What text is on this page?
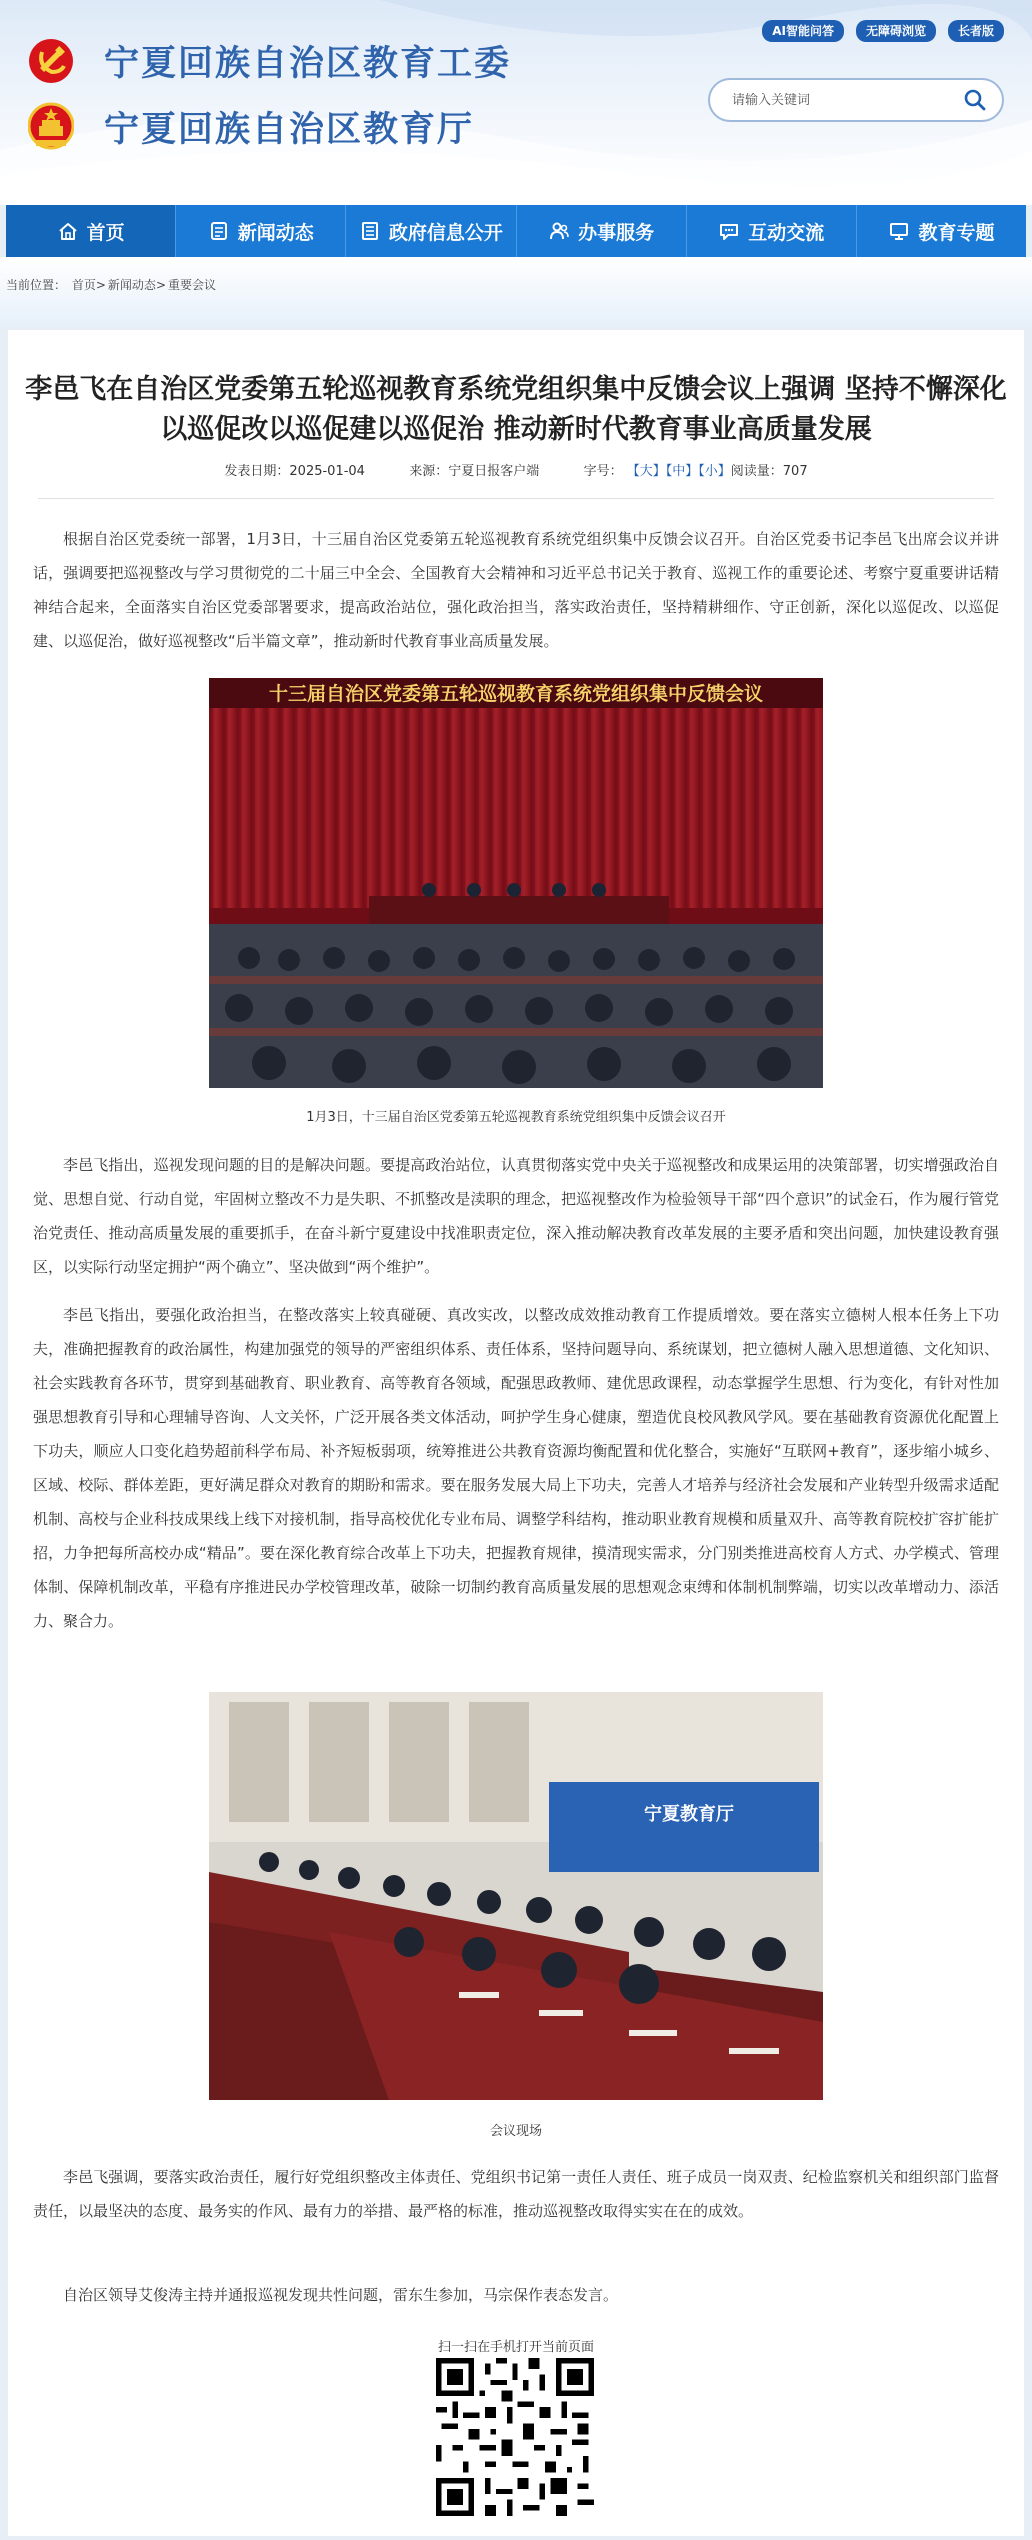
宁夏回族自治区教育工委
宁夏回族自治区教育厅
AI智能问答	无障碍浏览	长者版
请输入关键词
首页	新闻动态	政府信息公开	办事服务	互动交流	教育专题
当前位置： 首页> 新闻动态> 重要会议
李邑飞在自治区党委第五轮巡视教育系统党组织集中反馈会议上强调 坚持不懈深化以巡促改以巡促建以巡促治 推动新时代教育事业高质量发展
发表日期：2025-01-04	来源：宁夏日报客户端	字号： 【大】【中】【小】阅读量：707

根据自治区党委统一部署，1月3日，十三届自治区党委第五轮巡视教育系统党组织集中反馈会议召开。自治区党委书记李邑飞出席会议并讲话，强调要把巡视整改与学习贯彻党的二十届三中全会、全国教育大会精神和习近平总书记关于教育、巡视工作的重要论述、考察宁夏重要讲话精神结合起来，全面落实自治区党委部署要求，提高政治站位，强化政治担当，落实政治责任，坚持精耕细作、守正创新，深化以巡促改、以巡促建、以巡促治，做好巡视整改“后半篇文章”，推动新时代教育事业高质量发展。

十三届自治区党委第五轮巡视教育系统党组织集中反馈会议
1月3日，十三届自治区党委第五轮巡视教育系统党组织集中反馈会议召开

李邑飞指出，巡视发现问题的目的是解决问题。要提高政治站位，认真贯彻落实党中央关于巡视整改和成果运用的决策部署，切实增强政治自觉、思想自觉、行动自觉，牢固树立整改不力是失职、不抓整改是渎职的理念，把巡视整改作为检验领导干部“四个意识”的试金石，作为履行管党治党责任、推动高质量发展的重要抓手，在奋斗新宁夏建设中找准职责定位，深入推动解决教育改革发展的主要矛盾和突出问题，加快建设教育强区，以实际行动坚定拥护“两个确立”、坚决做到“两个维护”。

李邑飞指出，要强化政治担当，在整改落实上较真碰硬、真改实改，以整改成效推动教育工作提质增效。要在落实立德树人根本任务上下功夫，准确把握教育的政治属性，构建加强党的领导的严密组织体系、责任体系，坚持问题导向、系统谋划，把立德树人融入思想道德、文化知识、社会实践教育各环节，贯穿到基础教育、职业教育、高等教育各领域，配强思政教师、建优思政课程，动态掌握学生思想、行为变化，有针对性加强思想教育引导和心理辅导咨询、人文关怀，广泛开展各类文体活动，呵护学生身心健康，塑造优良校风教风学风。要在基础教育资源优化配置上下功夫，顺应人口变化趋势超前科学布局、补齐短板弱项，统筹推进公共教育资源均衡配置和优化整合，实施好“互联网+教育”，逐步缩小城乡、区域、校际、群体差距，更好满足群众对教育的期盼和需求。要在服务发展大局上下功夫，完善人才培养与经济社会发展和产业转型升级需求适配机制、高校与企业科技成果线上线下对接机制，指导高校优化专业布局、调整学科结构，推动职业教育规模和质量双升、高等教育院校扩容扩能扩招，力争把每所高校办成“精品”。要在深化教育综合改革上下功夫，把握教育规律，摸清现实需求，分门别类推进高校育人方式、办学模式、管理体制、保障机制改革，平稳有序推进民办学校管理改革，破除一切制约教育高质量发展的思想观念束缚和体制机制弊端，切实以改革增动力、添活力、聚合力。

宁夏教育厅
会议现场

李邑飞强调，要落实政治责任，履行好党组织整改主体责任、党组织书记第一责任人责任、班子成员一岗双责、纪检监察机关和组织部门监督责任，以最坚决的态度、最务实的作风、最有力的举措、最严格的标准，推动巡视整改取得实实在在的成效。

自治区领导艾俊涛主持并通报巡视发现共性问题，雷东生参加，马宗保作表态发言。

扫一扫在手机打开当前页面
